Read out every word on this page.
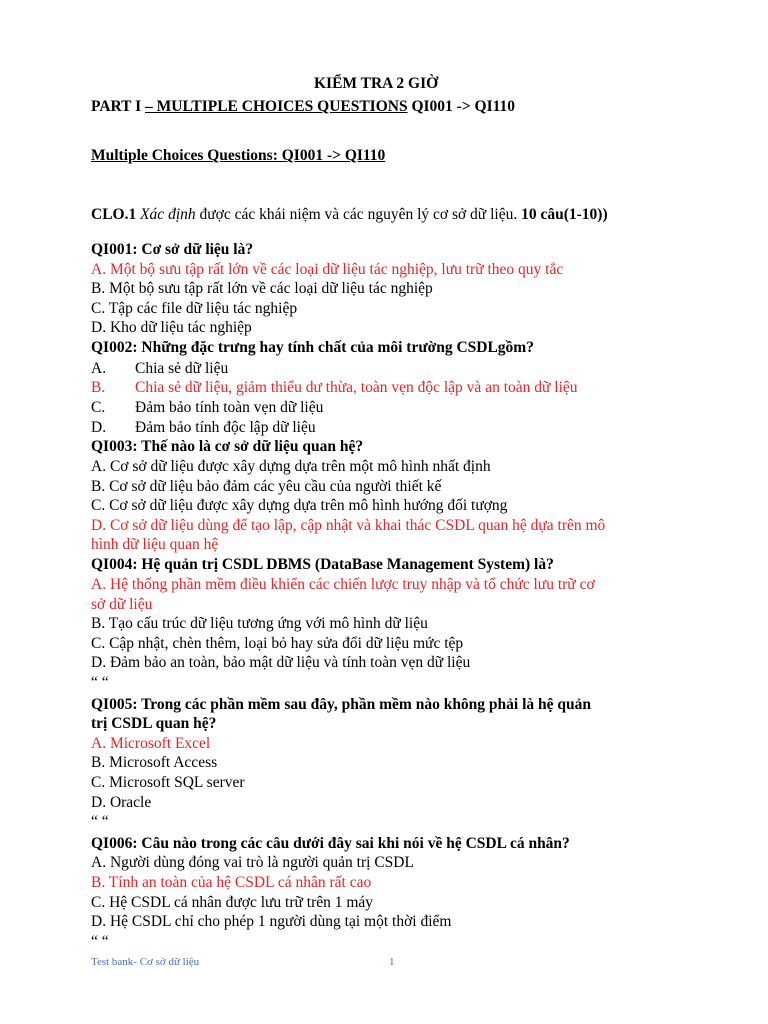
KIỂM TRA 2 GIỜ
PART I – MULTIPLE CHOICES QUESTIONS QI001 -> QI110
Multiple Choices Questions: QI001 -> QI110
CLO.1 Xác định được các khái niệm và các nguyên lý cơ sở dữ liệu. 10 câu(1-10))
QI001: Cơ sở dữ liệu là?
A. Một bộ sưu tập rất lớn về các loại dữ liệu tác nghiệp, lưu trữ theo quy tắc
B. Một bộ sưu tập rất lớn về các loại dữ liệu tác nghiệp
C. Tập các file dữ liệu tác nghiệp
D. Kho dữ liệu tác nghiệp
QI002: Những đặc trưng hay tính chất của môi trường CSDLgồm?
A. Chia sẻ dữ liệu
B. Chia sẻ dữ liệu, giảm thiểu dư thừa, toàn vẹn độc lập và an toàn dữ liệu
C. Đảm bảo tính toàn vẹn dữ liệu
D. Đảm bảo tính độc lập dữ liệu
QI003: Thế nào là cơ sở dữ liệu quan hệ?
A. Cơ sở dữ liệu được xây dựng dựa trên một mô hình nhất định
B. Cơ sở dữ liệu bảo đảm các yêu cầu của người thiết kế
C. Cơ sở dữ liệu được xây dựng dựa trên mô hình hướng đối tượng
D. Cơ sở dữ liệu dùng để tạo lập, cập nhật và khai thác CSDL quan hệ dựa trên mô
hình dữ liệu quan hệ
QI004: Hệ quản trị CSDL DBMS (DataBase Management System) là?
A. Hệ thống phần mềm điều khiển các chiến lược truy nhập và tổ chức lưu trữ cơ
sở dữ liệu
B. Tạo cấu trúc dữ liệu tương ứng với mô hình dữ liệu
C. Cập nhật, chèn thêm, loại bỏ hay sửa đổi dữ liệu mức tệp
D. Đảm bảo an toàn, bảo mật dữ liệu và tính toàn vẹn dữ liệu
“ “
QI005: Trong các phần mềm sau đây, phần mềm nào không phải là hệ quản
trị CSDL quan hệ?
A. Microsoft Excel
B. Microsoft Access
C. Microsoft SQL server
D. Oracle
“ “
QI006: Câu nào trong các câu dưới đây sai khi nói về hệ CSDL cá nhân?
A. Người dùng đóng vai trò là người quản trị CSDL
B. Tính an toàn của hệ CSDL cá nhân rất cao
C. Hệ CSDL cá nhân được lưu trữ trên 1 máy
D. Hệ CSDL chỉ cho phép 1 người dùng tại một thời điểm
“ “
Test bank- Cơ sở dữ liệu	1
